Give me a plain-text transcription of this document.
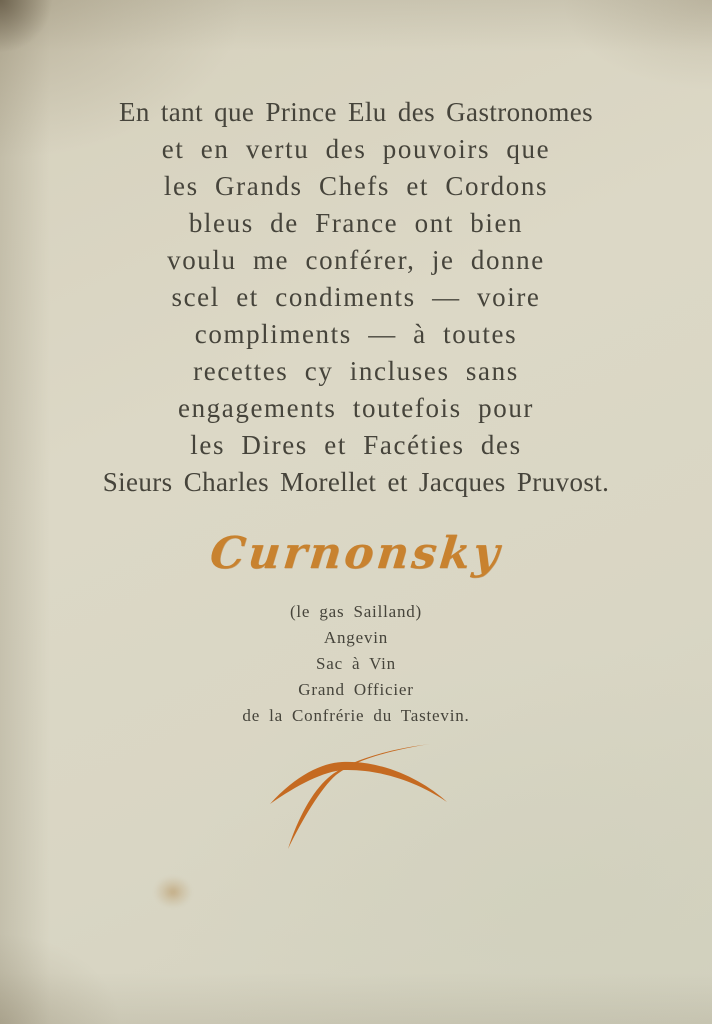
En tant que Prince Elu des Gastronomes
et en vertu des pouvoirs que
les Grands Chefs et Cordons
bleus de France ont bien
voulu me conférer, je donne
scel et condiments — voire
compliments — à toutes
recettes cy incluses sans
engagements toutefois pour
les Dires et Facéties des
Sieurs Charles Morellet et Jacques Pruvost.
Curnonsky
(le gas Sailland)
Angevin
Sac à Vin
Grand Officier
de la Confrérie du Tastevin.
